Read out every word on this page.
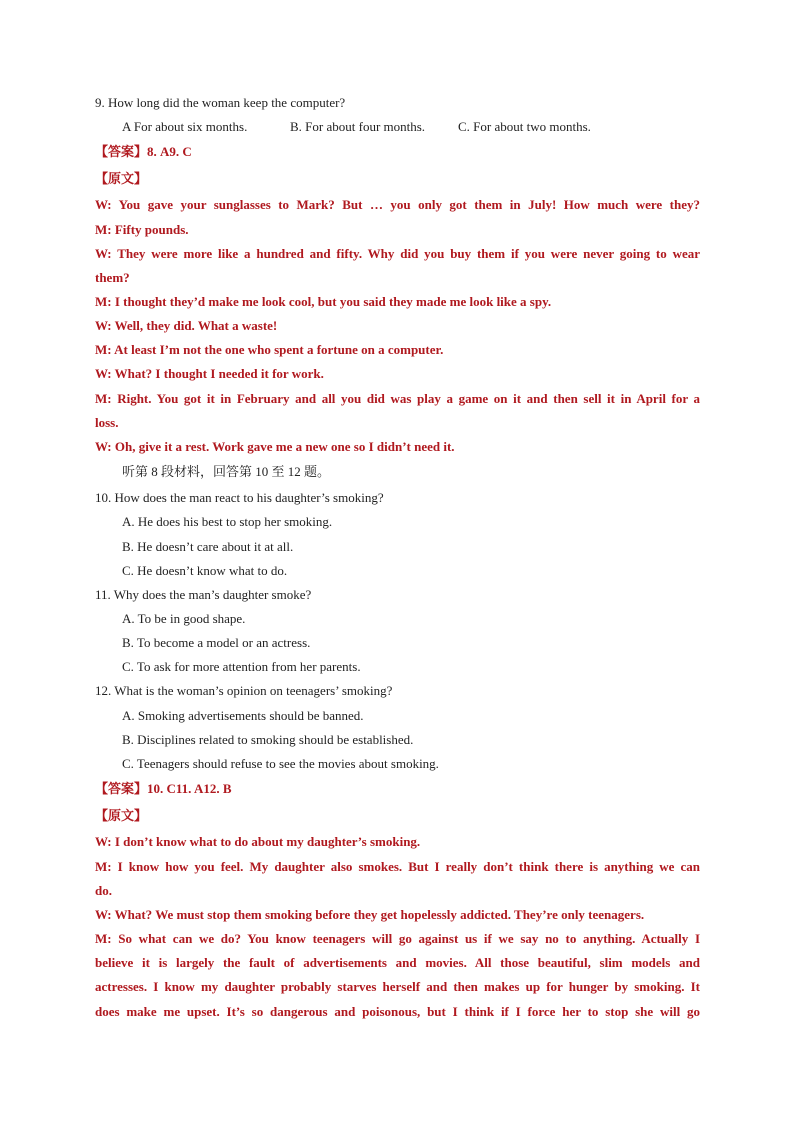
9. How long did the woman keep the computer?
A For about six months.	B. For about four months.	C. For about two months.
【答案】8. A9. C
【原文】
W: You gave your sunglasses to Mark? But … you only got them in July! How much were they?
M: Fifty pounds.
W: They were more like a hundred and fifty. Why did you buy them if you were never going to wear
them?
M: I thought they’d make me look cool, but you said they made me look like a spy.
W: Well, they did. What a waste!
M: At least I’m not the one who spent a fortune on a computer.
W: What? I thought I needed it for work.
M: Right. You got it in February and all you did was play a game on it and then sell it in April for a
loss.
W: Oh, give it a rest. Work gave me a new one so I didn’t need it.
听第 8 段材料，回答第 10 至 12 题。
10. How does the man react to his daughter’s smoking?
A. He does his best to stop her smoking.
B. He doesn’t care about it at all.
C. He doesn’t know what to do.
11. Why does the man’s daughter smoke?
A. To be in good shape.
B. To become a model or an actress.
C. To ask for more attention from her parents.
12. What is the woman’s opinion on teenagers’ smoking?
A. Smoking advertisements should be banned.
B. Disciplines related to smoking should be established.
C. Teenagers should refuse to see the movies about smoking.
【答案】10. C11. A12. B
【原文】
W: I don’t know what to do about my daughter’s smoking.
M: I know how you feel. My daughter also smokes. But I really don’t think there is anything we can
do.
W: What? We must stop them smoking before they get hopelessly addicted. They’re only teenagers.
M: So what can we do? You know teenagers will go against us if we say no to anything. Actually I
believe it is largely the fault of advertisements and movies. All those beautiful, slim models and
actresses. I know my daughter probably starves herself and then makes up for hunger by smoking. It
does make me upset. It’s so dangerous and poisonous, but I think if I force her to stop she will go
